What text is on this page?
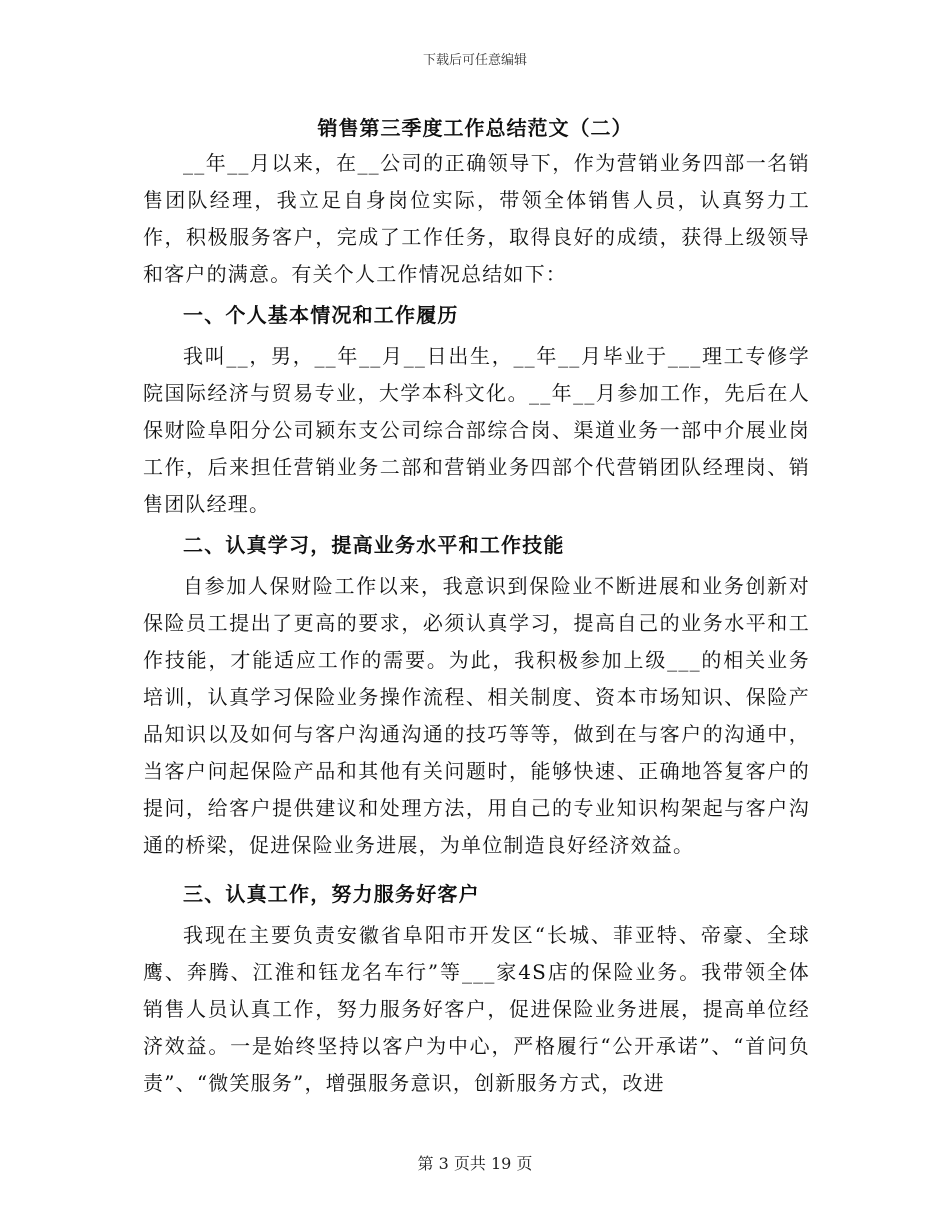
下载后可任意编辑
销售第三季度工作总结范文（二）

__年__月以来，在__公司的正确领导下，作为营销业务四部一名销售团队经理，我立足自身岗位实际，带领全体销售人员，认真努力工作，积极服务客户，完成了工作任务，取得良好的成绩，获得上级领导和客户的满意。有关个人工作情况总结如下：

一、个人基本情况和工作履历

我叫__，男，__年__月__日出生，__年__月毕业于___理工专修学院国际经济与贸易专业，大学本科文化。__年__月参加工作，先后在人保财险阜阳分公司颍东支公司综合部综合岗、渠道业务一部中介展业岗工作，后来担任营销业务二部和营销业务四部个代营销团队经理岗、销售团队经理。

二、认真学习，提高业务水平和工作技能

自参加人保财险工作以来，我意识到保险业不断进展和业务创新对保险员工提出了更高的要求，必须认真学习，提高自己的业务水平和工作技能，才能适应工作的需要。为此，我积极参加上级___的相关业务培训，认真学习保险业务操作流程、相关制度、资本市场知识、保险产品知识以及如何与客户沟通沟通的技巧等等，做到在与客户的沟通中，当客户问起保险产品和其他有关问题时，能够快速、正确地答复客户的提问，给客户提供建议和处理方法，用自己的专业知识构架起与客户沟通的桥梁，促进保险业务进展，为单位制造良好经济效益。

三、认真工作，努力服务好客户

我现在主要负责安徽省阜阳市开发区“长城、菲亚特、帝豪、全球鹰、奔腾、江淮和钰龙名车行”等___家4S店的保险业务。我带领全体销售人员认真工作，努力服务好客户，促进保险业务进展，提高单位经济效益。一是始终坚持以客户为中心，严格履行“公开承诺”、“首问负责”、“微笑服务”，增强服务意识，创新服务方式，改进

第 3 页共 19 页
